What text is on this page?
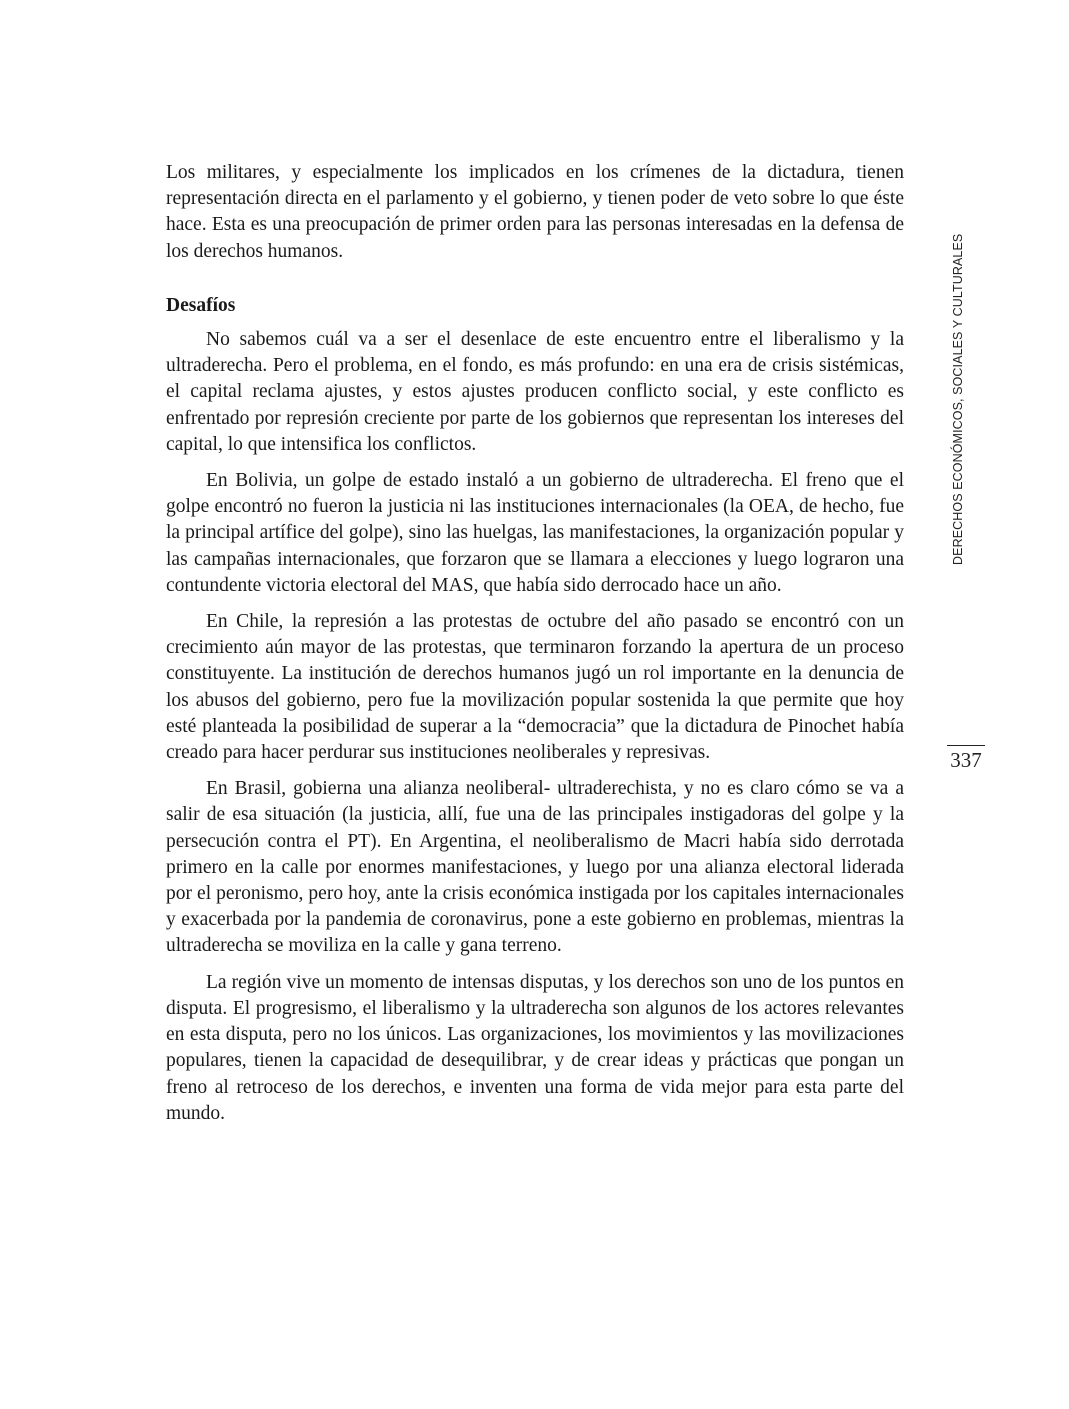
Los militares, y especialmente los implicados en los crímenes de la dictadura, tienen representación directa en el parlamento y el gobierno, y tienen poder de veto sobre lo que éste hace. Esta es una preocupación de primer orden para las personas interesadas en la defensa de los derechos humanos.

Desafíos

No sabemos cuál va a ser el desenlace de este encuentro entre el liberalismo y la ultraderecha. Pero el problema, en el fondo, es más profundo: en una era de crisis sistémicas, el capital reclama ajustes, y estos ajustes producen conflicto social, y este conflicto es enfrentado por represión creciente por parte de los gobiernos que representan los intereses del capital, lo que intensifica los conflictos.

En Bolivia, un golpe de estado instaló a un gobierno de ultraderecha. El freno que el golpe encontró no fueron la justicia ni las instituciones internacionales (la OEA, de hecho, fue la principal artífice del golpe), sino las huelgas, las manifestaciones, la organización popular y las campañas internacionales, que forzaron que se llamara a elecciones y luego lograron una contundente victoria electoral del MAS, que había sido derrocado hace un año.

En Chile, la represión a las protestas de octubre del año pasado se encontró con un crecimiento aún mayor de las protestas, que terminaron forzando la apertura de un proceso constituyente. La institución de derechos humanos jugó un rol importante en la denuncia de los abusos del gobierno, pero fue la movilización popular sostenida la que permite que hoy esté planteada la posibilidad de superar a la “democracia” que la dictadura de Pinochet había creado para hacer perdurar sus instituciones neoliberales y represivas.

En Brasil, gobierna una alianza neoliberal- ultraderechista, y no es claro cómo se va a salir de esa situación (la justicia, allí, fue una de las principales instigadoras del golpe y la persecución contra el PT). En Argentina, el neoliberalismo de Macri había sido derrotada primero en la calle por enormes manifestaciones, y luego por una alianza electoral liderada por el peronismo, pero hoy, ante la crisis económica instigada por los capitales internacionales y exacerbada por la pandemia de coronavirus, pone a este gobierno en problemas, mientras la ultraderecha se moviliza en la calle y gana terreno.

La región vive un momento de intensas disputas, y los derechos son uno de los puntos en disputa. El progresismo, el liberalismo y la ultraderecha son algunos de los actores relevantes en esta disputa, pero no los únicos. Las organizaciones, los movimientos y las movilizaciones populares, tienen la capacidad de desequilibrar, y de crear ideas y prácticas que pongan un freno al retroceso de los derechos, e inventen una forma de vida mejor para esta parte del mundo.

DERECHOS ECONÓMICOS, SOCIALES Y CULTURALES
337
